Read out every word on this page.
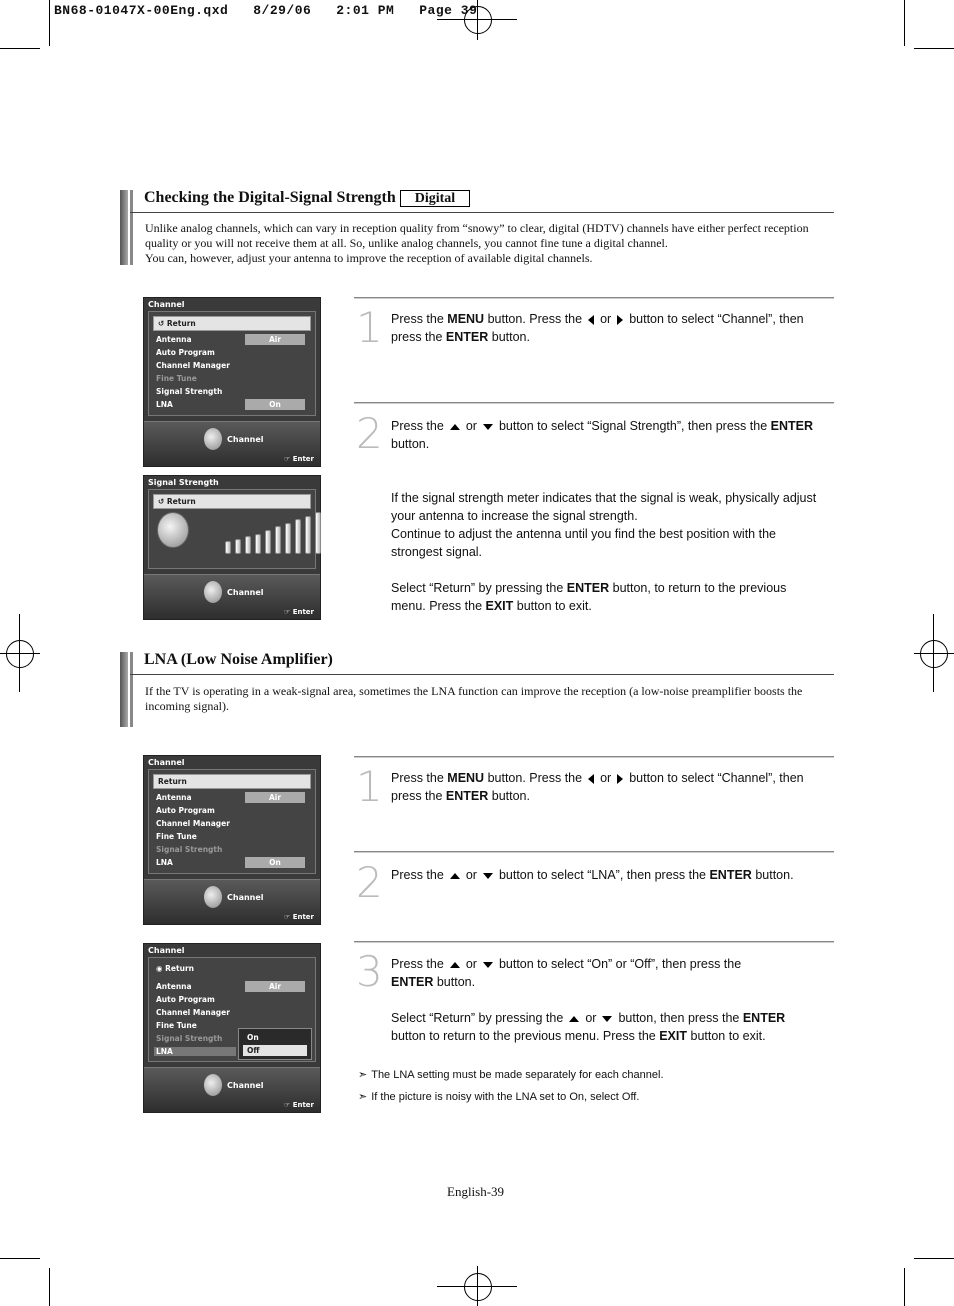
BN68-01047X-00Eng.qxd   8/29/06   2:01 PM   Page 39
Checking the Digital-Signal Strength Digital
Unlike analog channels, which can vary in reception quality from “snowy” to clear, digital (HDTV) channels have either perfect reception quality or you will not receive them at all. So, unlike analog channels, you cannot fine tune a digital channel.
You can, however, adjust your antenna to improve the reception of available digital channels.
Channel
↺ Return
Antenna	Air
Auto Program
Channel Manager
Fine Tune
Signal Strength
LNA	On
Channel
☞ Enter
Signal Strength
↺ Return
Channel
☞ Enter
1 Press the MENU button. Press the or button to select “Channel”, then press the ENTER button.
2 Press the or button to select “Signal Strength”, then press the ENTER button.
If the signal strength meter indicates that the signal is weak, physically adjust your antenna to increase the signal strength.
Continue to adjust the antenna until you find the best position with the strongest signal.
Select “Return” by pressing the ENTER button, to return to the previous menu. Press the EXIT button to exit.
LNA (Low Noise Amplifier)
If the TV is operating in a weak-signal area, sometimes the LNA function can improve the reception (a low-noise preamplifier boosts the incoming signal).
Channel
Return
Antenna	Air
Auto Program
Channel Manager
Fine Tune
Signal Strength
LNA	On
Channel
☞ Enter
Channel
◉ Return
Antenna	Air
Auto Program
Channel Manager
Fine Tune
Signal Strength
LNA
On
Off
Channel
☞ Enter
1 Press the MENU button. Press the or button to select “Channel”, then press the ENTER button.
2 Press the or button to select “LNA”, then press the ENTER button.
3 Press the or button to select “On” or “Off”, then press the
ENTER button.
Select “Return” by pressing the or button, then press the ENTER
button to return to the previous menu. Press the EXIT button to exit.
➣ The LNA setting must be made separately for each channel.
➣ If the picture is noisy with the LNA set to On, select Off.
English-39
